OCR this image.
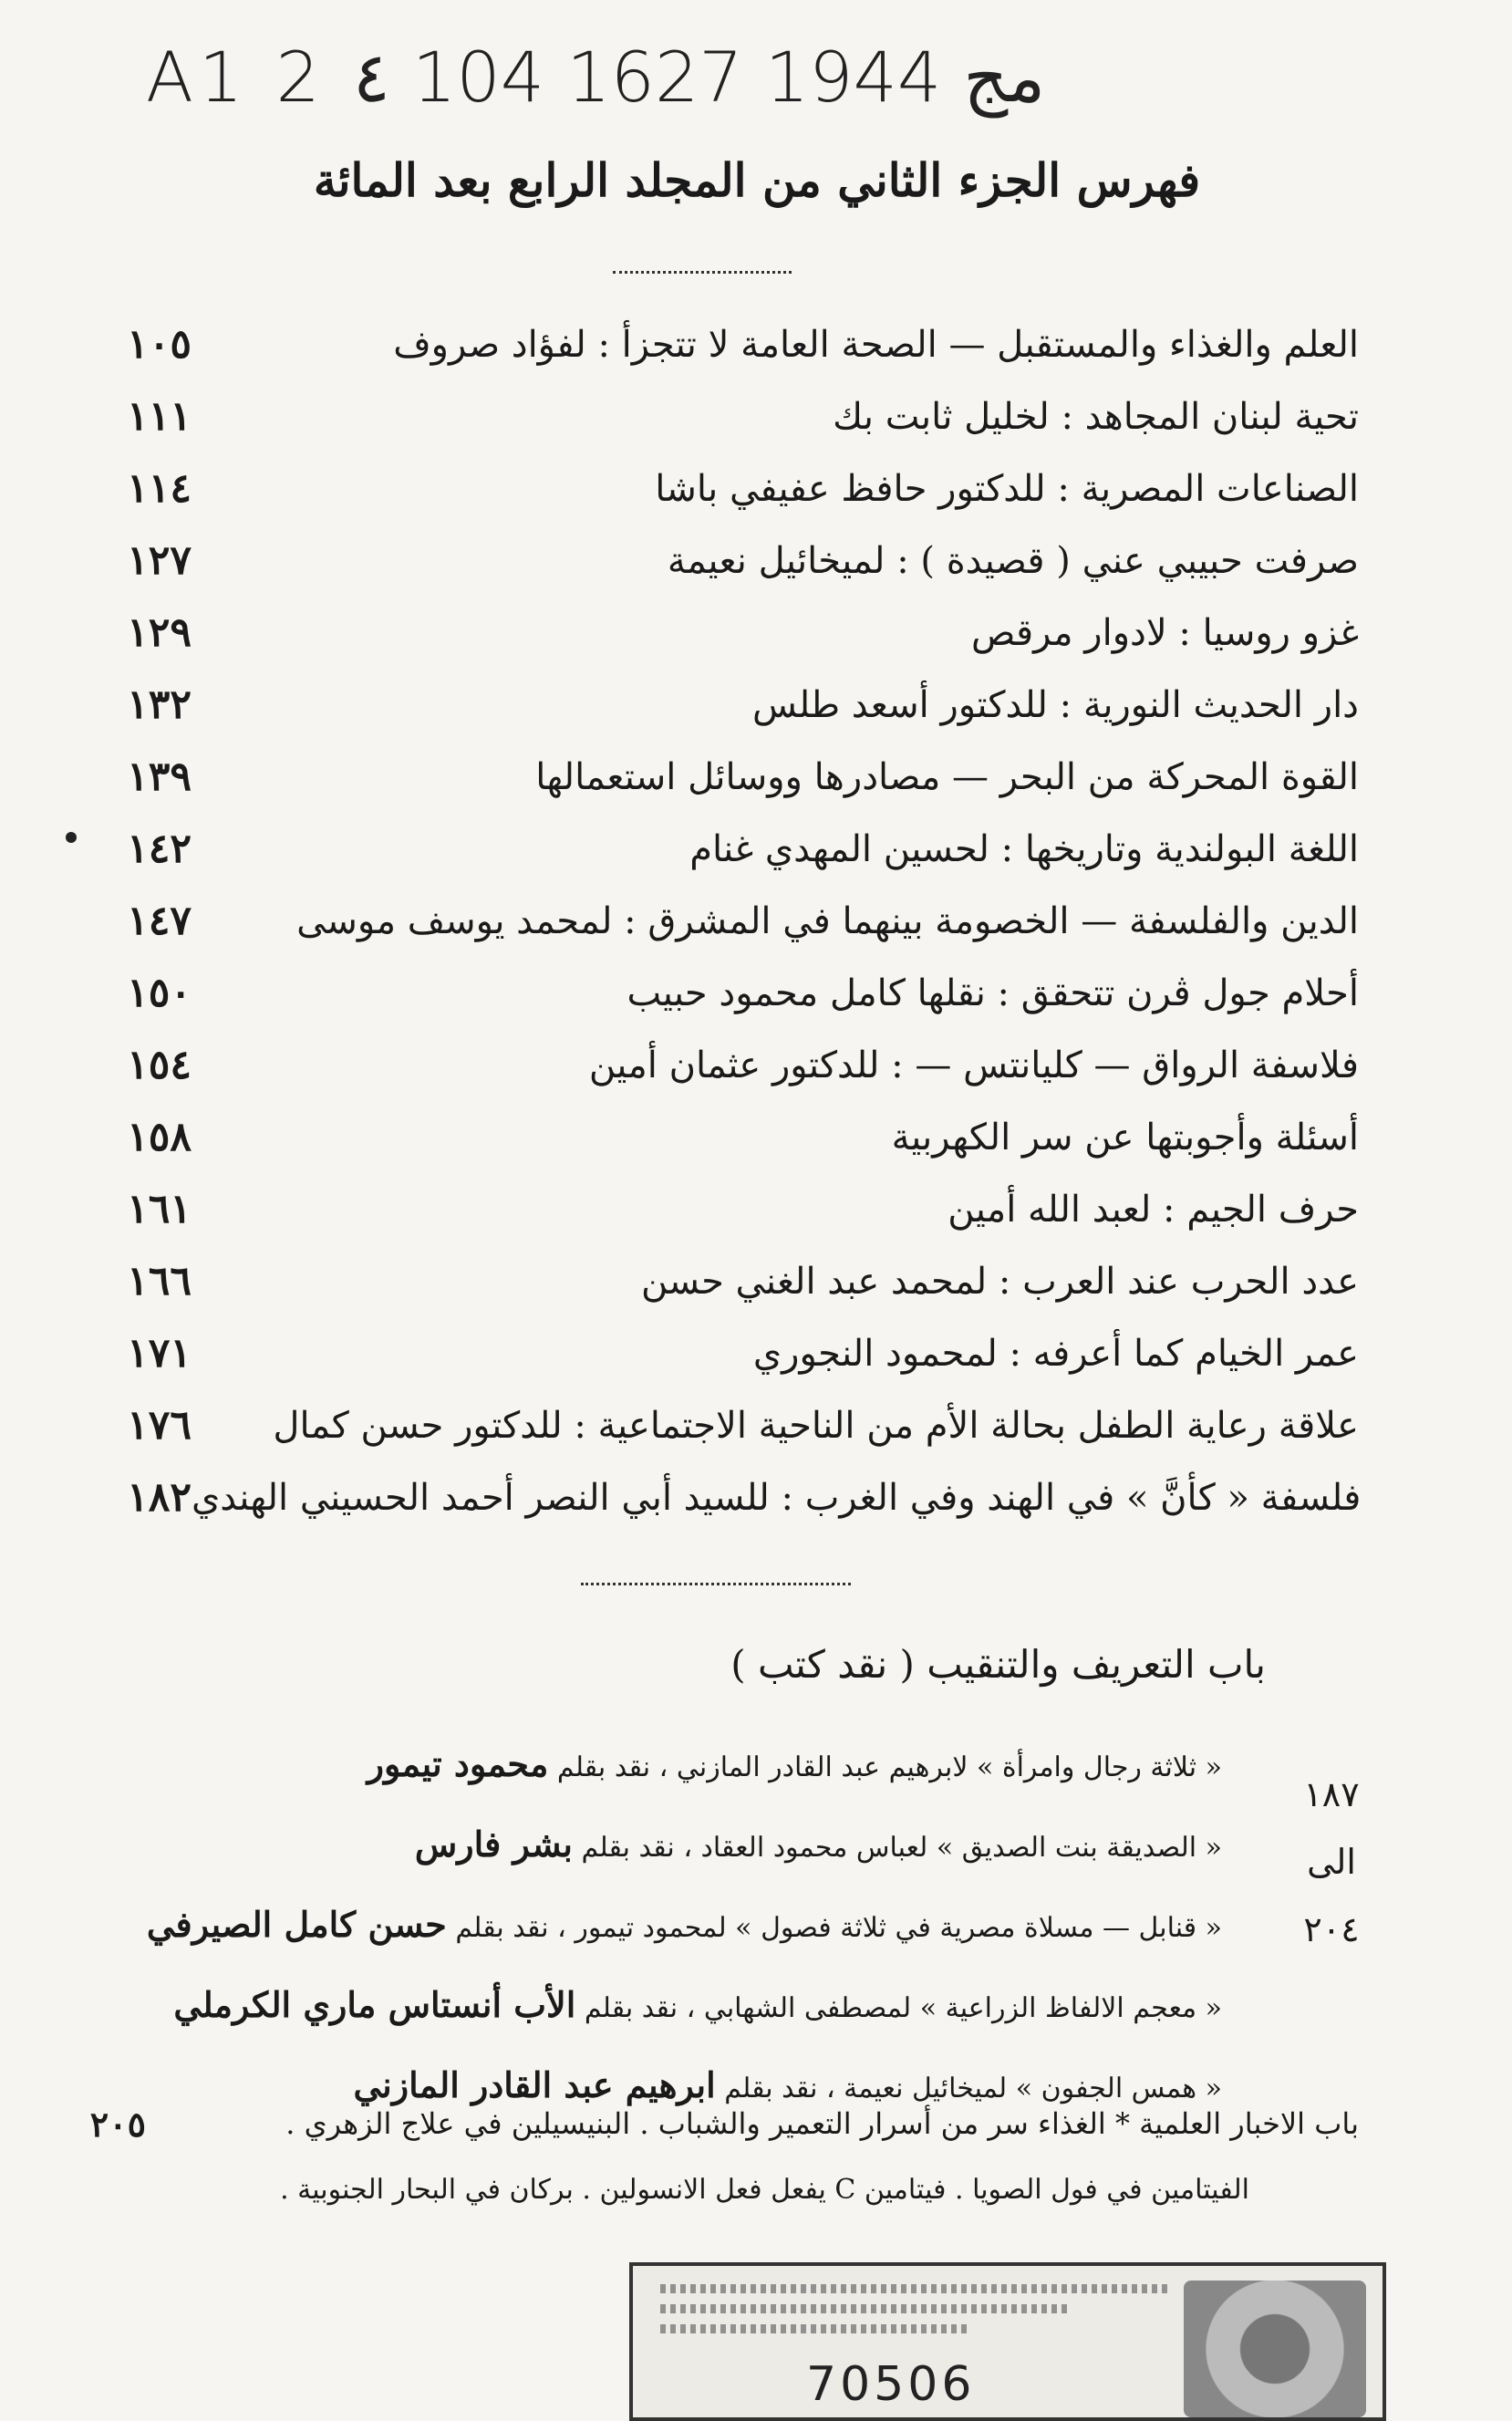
A1 2 ٤ 104 مج 1944 1627
فهرس الجزء الثاني من المجلد الرابع بعد المائة
١٠٥	العلم والغذاء والمستقبل — الصحة العامة لا تتجزأ : لفؤاد صروف
١١١	تحية لبنان المجاهد : لخليل ثابت بك
١١٤	الصناعات المصرية : للدكتور حافظ عفيفي باشا
١٢٧	صرفت حبيبي عني ( قصيدة ) : لميخائيل نعيمة
١٢٩	غزو روسيا : لادوار مرقص
١٣٢	دار الحديث النورية : للدكتور أسعد طلس
١٣٩	القوة المحركة من البحر — مصادرها ووسائل استعمالها
١٤٢	اللغة البولندية وتاريخها : لحسين المهدي غنام
١٤٧	الدين والفلسفة — الخصومة بينهما في المشرق : لمحمد يوسف موسى
١٥٠	أحلام جول ڤرن تتحقق : نقلها كامل محمود حبيب
١٥٤	فلاسفة الرواق — كليانتس — : للدكتور عثمان أمين
١٥٨	أسئلة وأجوبتها عن سر الكهربية
١٦١	حرف الجيم : لعبد الله أمين
١٦٦	عدد الحرب عند العرب : لمحمد عبد الغني حسن
١٧١	عمر الخيام كما أعرفه : لمحمود النجوري
١٧٦	علاقة رعاية الطفل بحالة الأم من الناحية الاجتماعية : للدكتور حسن كمال
١٨٢ فلسفة « كأنَّ » في الهند وفي الغرب : للسيد أبي النصر أحمد الحسيني الهندي
باب التعريف والتنقيب ( نقد كتب )
« ثلاثة رجال وامرأة » لابرهيم عبد القادر المازني ، نقد بقلم محمود تيمور
« الصديقة بنت الصديق » لعباس محمود العقاد ، نقد بقلم بشر فارس
« قنابل — مسلاة مصرية في ثلاثة فصول » لمحمود تيمور ، نقد بقلم حسن كامل الصيرفي
« معجم الالفاظ الزراعية » لمصطفى الشهابي ، نقد بقلم الأب أنستاس ماري الكرملي
« همس الجفون » لميخائيل نعيمة ، نقد بقلم ابرهيم عبد القادر المازني
١٨٧
الى
٢٠٤
٢٠٥	باب الاخبار العلمية * الغذاء سر من أسرار التعمير والشباب . البنيسيلين في علاج الزهري .
الفيتامين في فول الصويا . فيتامين C يفعل فعل الانسولين . بركان في البحار الجنوبية .
70506
